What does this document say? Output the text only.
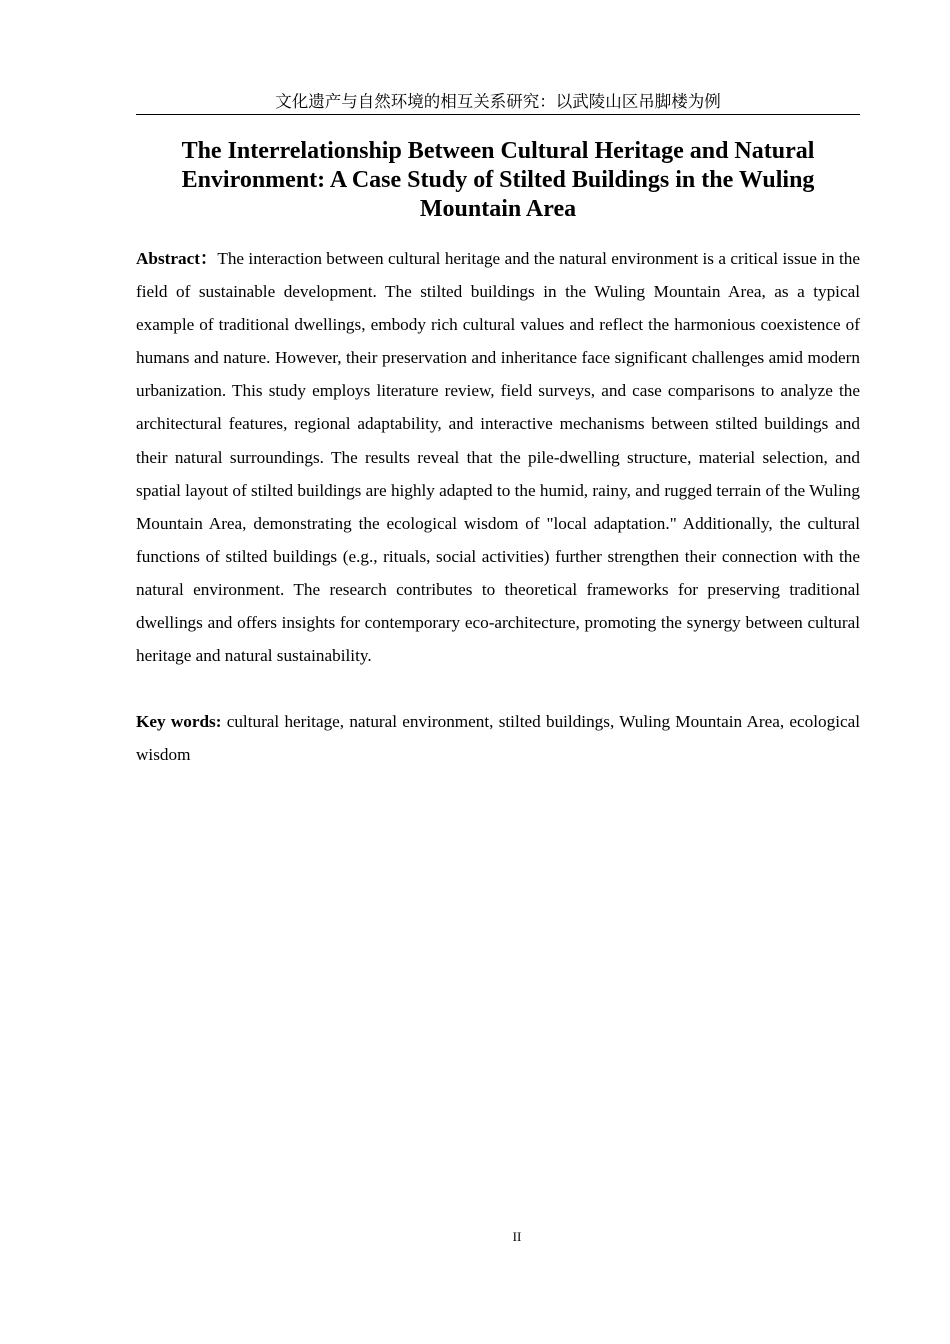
文化遗产与自然环境的相互关系研究：以武陵山区吊脚楼为例
The Interrelationship Between Cultural Heritage and Natural Environment: A Case Study of Stilted Buildings in the Wuling Mountain Area

Abstract：The interaction between cultural heritage and the natural environment is a critical issue in the field of sustainable development. The stilted buildings in the Wuling Mountain Area, as a typical example of traditional dwellings, embody rich cultural values and reflect the harmonious coexistence of humans and nature. However, their preservation and inheritance face significant challenges amid modern urbanization. This study employs literature review, field surveys, and case comparisons to analyze the architectural features, regional adaptability, and interactive mechanisms between stilted buildings and their natural surroundings. The results reveal that the pile-dwelling structure, material selection, and spatial layout of stilted buildings are highly adapted to the humid, rainy, and rugged terrain of the Wuling Mountain Area, demonstrating the ecological wisdom of "local adaptation." Additionally, the cultural functions of stilted buildings (e.g., rituals, social activities) further strengthen their connection with the natural environment. The research contributes to theoretical frameworks for preserving traditional dwellings and offers insights for contemporary eco-architecture, promoting the synergy between cultural heritage and natural sustainability.

Key words: cultural heritage, natural environment, stilted buildings, Wuling Mountain Area, ecological wisdom

II
